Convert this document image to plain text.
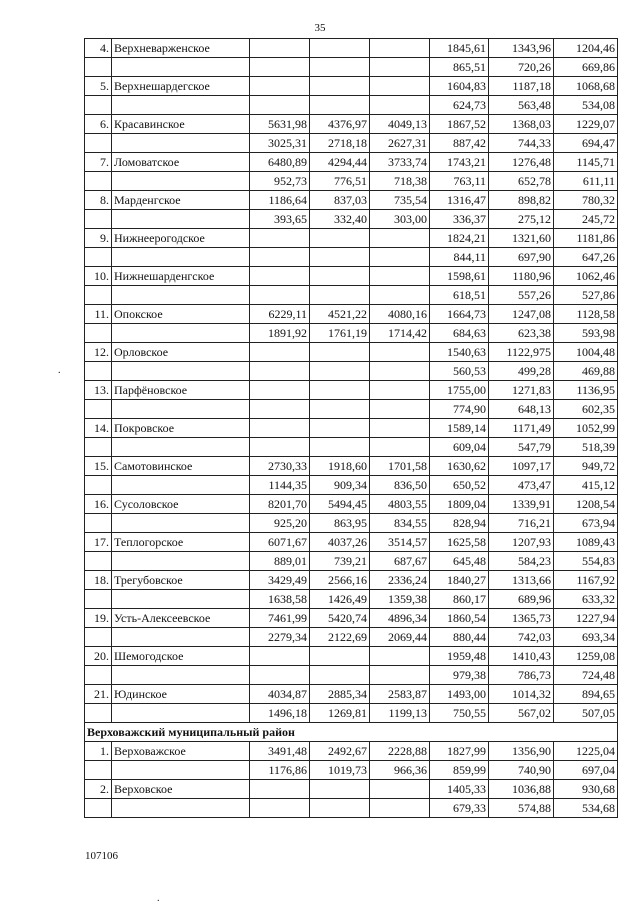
35
.
4.	Верхневарженское				1845,61	1343,96	1204,46
					865,51	720,26	669,86
5.	Верхнешардегское				1604,83	1187,18	1068,68
					624,73	563,48	534,08
6.	Красавинское	5631,98	4376,97	4049,13	1867,52	1368,03	1229,07
		3025,31	2718,18	2627,31	887,42	744,33	694,47
7.	Ломоватское	6480,89	4294,44	3733,74	1743,21	1276,48	1145,71
		952,73	776,51	718,38	763,11	652,78	611,11
8.	Марденгское	1186,64	837,03	735,54	1316,47	898,82	780,32
		393,65	332,40	303,00	336,37	275,12	245,72
9.	Нижнеерогодское				1824,21	1321,60	1181,86
					844,11	697,90	647,26
10.	Нижнешарденгское				1598,61	1180,96	1062,46
					618,51	557,26	527,86
11.	Опокское	6229,11	4521,22	4080,16	1664,73	1247,08	1128,58
		1891,92	1761,19	1714,42	684,63	623,38	593,98
12.	Орловское				1540,63	1122,975	1004,48
					560,53	499,28	469,88
13.	Парфёновское				1755,00	1271,83	1136,95
					774,90	648,13	602,35
14.	Покровское				1589,14	1171,49	1052,99
					609,04	547,79	518,39
15.	Самотовинское	2730,33	1918,60	1701,58	1630,62	1097,17	949,72
		1144,35	909,34	836,50	650,52	473,47	415,12
16.	Сусоловское	8201,70	5494,45	4803,55	1809,04	1339,91	1208,54
		925,20	863,95	834,55	828,94	716,21	673,94
17.	Теплогорское	6071,67	4037,26	3514,57	1625,58	1207,93	1089,43
		889,01	739,21	687,67	645,48	584,23	554,83
18.	Трегубовское	3429,49	2566,16	2336,24	1840,27	1313,66	1167,92
		1638,58	1426,49	1359,38	860,17	689,96	633,32
19.	Усть-Алексеевское	7461,99	5420,74	4896,34	1860,54	1365,73	1227,94
		2279,34	2122,69	2069,44	880,44	742,03	693,34
20.	Шемогодское				1959,48	1410,43	1259,08
					979,38	786,73	724,48
21.	Юдинское	4034,87	2885,34	2583,87	1493,00	1014,32	894,65
		1496,18	1269,81	1199,13	750,55	567,02	507,05
Верховажский муниципальный район							
1.	Верховажское	3491,48	2492,67	2228,88	1827,99	1356,90	1225,04
		1176,86	1019,73	966,36	859,99	740,90	697,04
2.	Верховское				1405,33	1036,88	930,68
					679,33	574,88	534,68
107106
.
